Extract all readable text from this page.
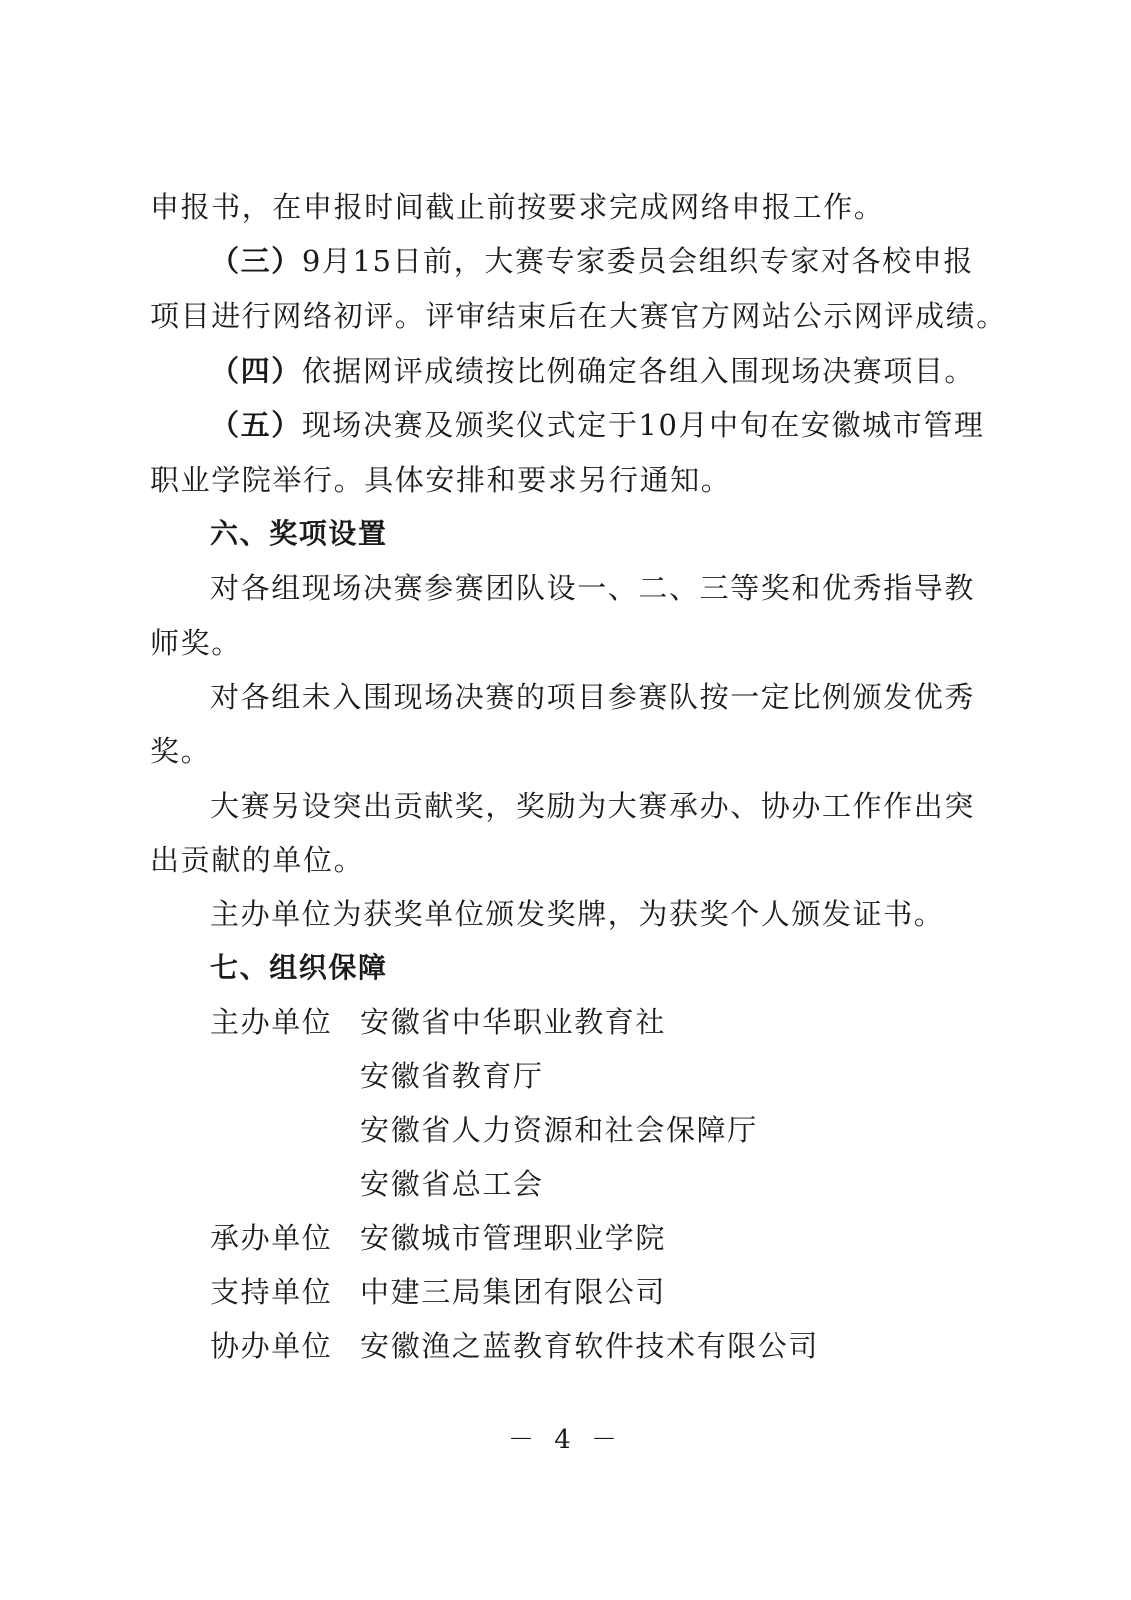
申报书，在申报时间截止前按要求完成网络申报工作。
（三）9月15日前，大赛专家委员会组织专家对各校申报
项目进行网络初评。评审结束后在大赛官方网站公示网评成绩。
（四）依据网评成绩按比例确定各组入围现场决赛项目。
（五）现场决赛及颁奖仪式定于10月中旬在安徽城市管理
职业学院举行。具体安排和要求另行通知。
六、奖项设置
对各组现场决赛参赛团队设一、二、三等奖和优秀指导教
师奖。
对各组未入围现场决赛的项目参赛队按一定比例颁发优秀
奖。
大赛另设突出贡献奖，奖励为大赛承办、协办工作作出突
出贡献的单位。
主办单位为获奖单位颁发奖牌，为获奖个人颁发证书。
七、组织保障
主办单位 安徽省中华职业教育社
安徽省教育厅
安徽省人力资源和社会保障厅
安徽省总工会
承办单位 安徽城市管理职业学院
支持单位 中建三局集团有限公司
协办单位 安徽渔之蓝教育软件技术有限公司
－ 4 －
